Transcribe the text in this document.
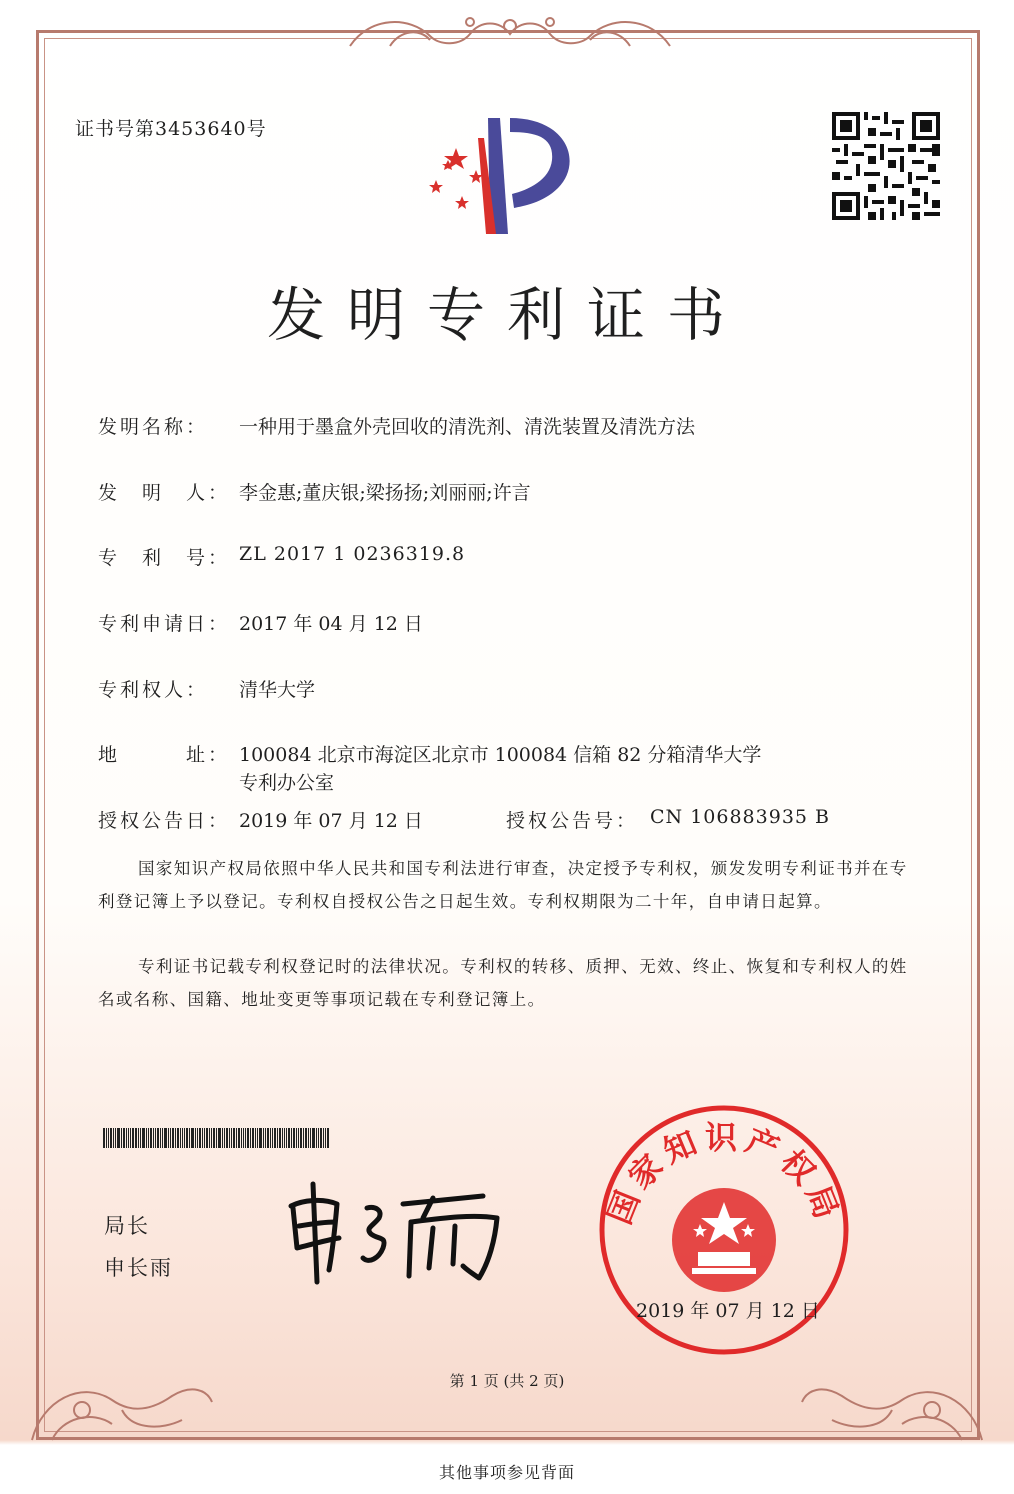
证书号第3453640号
发明专利证书
发明名称：	一种用于墨盒外壳回收的清洗剂、清洗装置及清洗方法
发　明　人： 李金惠;董庆银;梁扬扬;刘丽丽;许言
专　利　号： ZL 2017 1 0236319.8
专利申请日： 2017 年 04 月 12 日
专利权人：	清华大学
地　　　址： 100084 北京市海淀区北京市 100084 信箱 82 分箱清华大学
专利办公室
授权公告日： 2019 年 07 月 12 日	授权公告号： CN 106883935 B
国家知识产权局依照中华人民共和国专利法进行审查，决定授予专利权，颁发发明专利证书并在专利登记簿上予以登记。专利权自授权公告之日起生效。专利权期限为二十年，自申请日起算。
专利证书记载专利权登记时的法律状况。专利权的转移、质押、无效、终止、恢复和专利权人的姓名或名称、国籍、地址变更等事项记载在专利登记簿上。
局长
申长雨
国家知识产权局
2019 年 07 月 12 日
第 1 页 (共 2 页)
其他事项参见背面
